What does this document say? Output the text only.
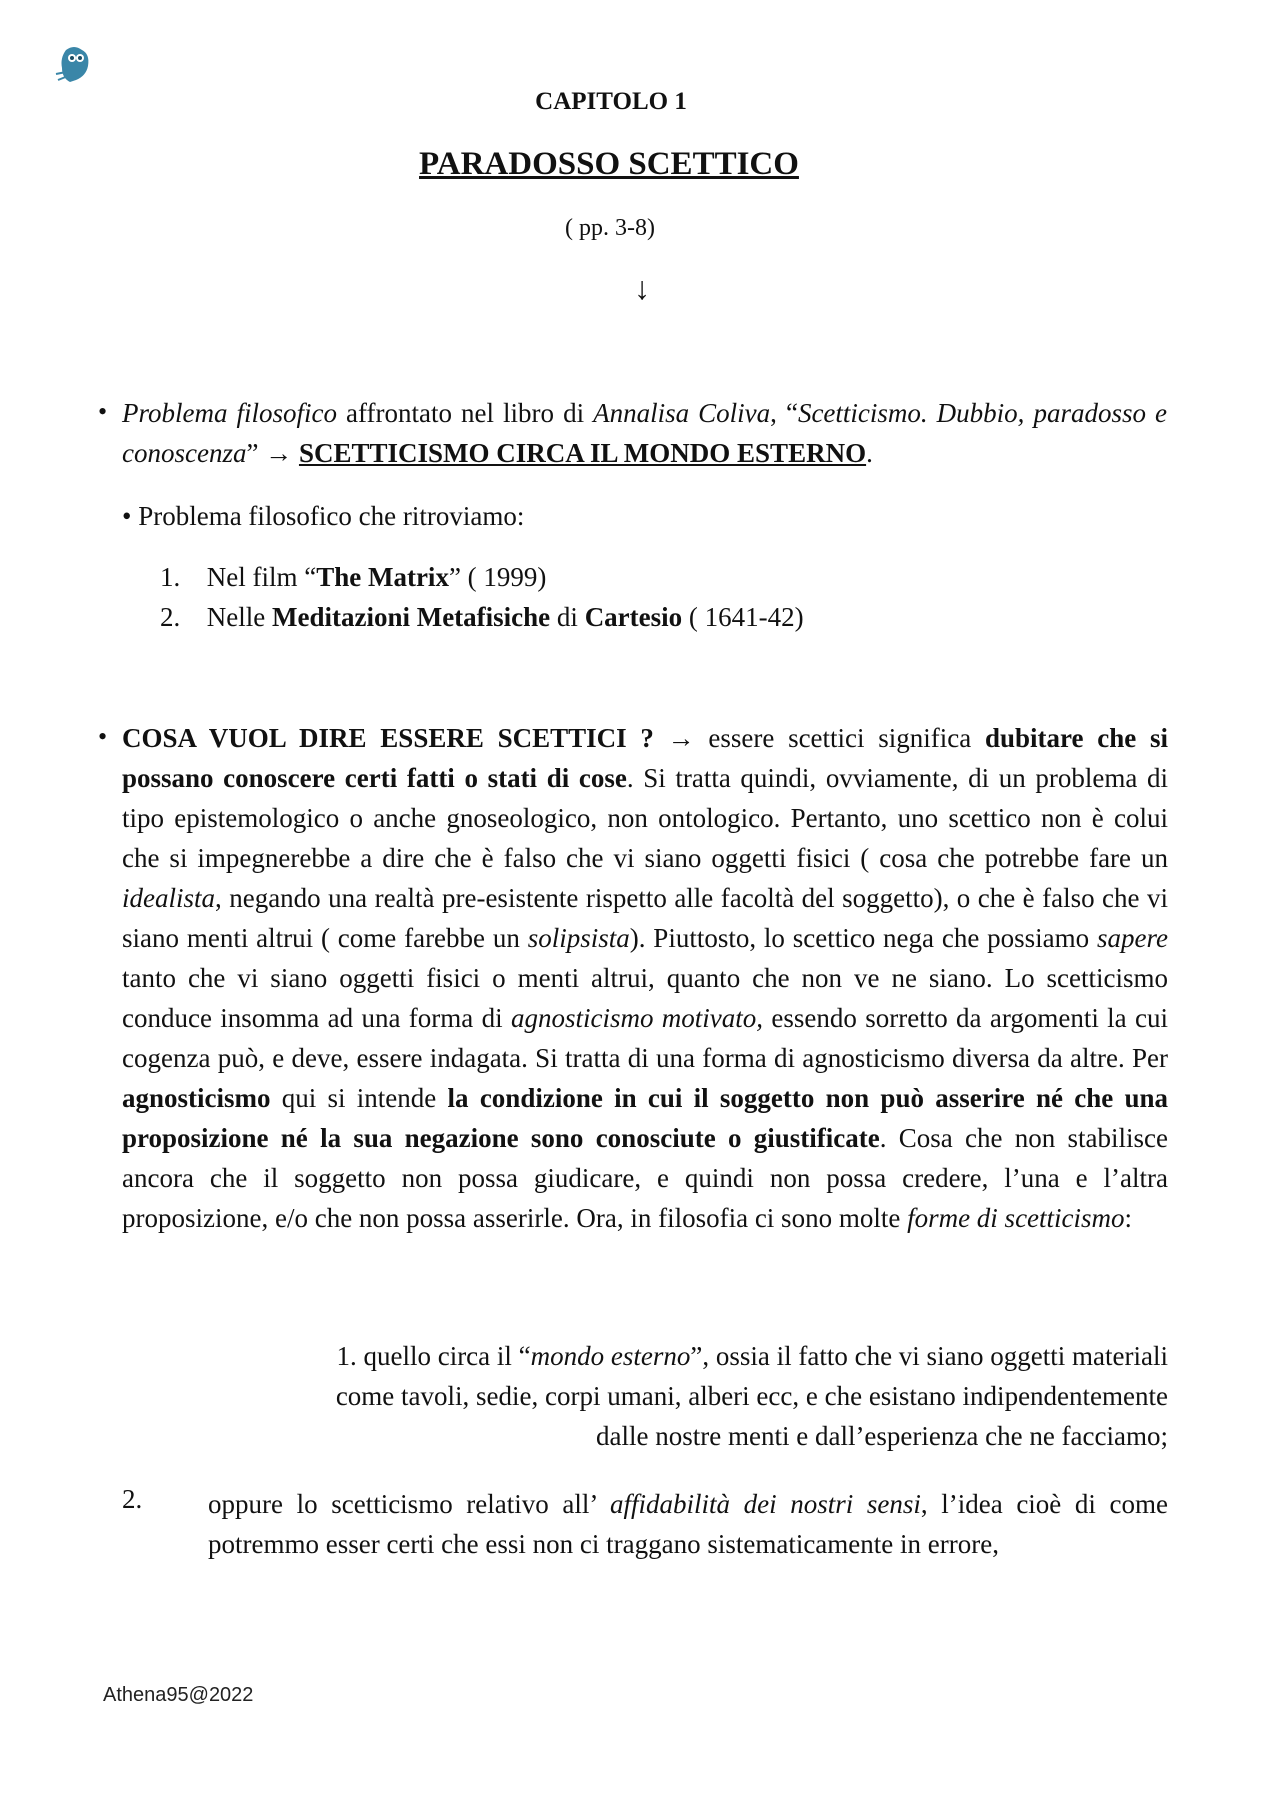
CAPITOLO 1
PARADOSSO SCETTICO
( pp. 3-8)
↓
• Problema filosofico affrontato nel libro di Annalisa Coliva, “Scetticismo. Dubbio, paradosso e conoscenza” → SCETTICISMO CIRCA IL MONDO ESTERNO.
• Problema filosofico che ritroviamo:
1. Nel film “The Matrix” ( 1999)
2. Nelle Meditazioni Metafisiche di Cartesio ( 1641-42)
• COSA VUOL DIRE ESSERE SCETTICI ? → essere scettici significa dubitare che si possano conoscere certi fatti o stati di cose. Si tratta quindi, ovviamente, di un problema di tipo epistemologico o anche gnoseologico, non ontologico. Pertanto, uno scettico non è colui che si impegnerebbe a dire che è falso che vi siano oggetti fisici ( cosa che potrebbe fare un idealista, negando una realtà pre-esistente rispetto alle facoltà del soggetto), o che è falso che vi siano menti altrui ( come farebbe un solipsista). Piuttosto, lo scettico nega che possiamo sapere tanto che vi siano oggetti fisici o menti altrui, quanto che non ve ne siano. Lo scetticismo conduce insomma ad una forma di agnosticismo motivato, essendo sorretto da argomenti la cui cogenza può, e deve, essere indagata. Si tratta di una forma di agnosticismo diversa da altre. Per agnosticismo qui si intende la condizione in cui il soggetto non può asserire né che una proposizione né la sua negazione sono conosciute o giustificate. Cosa che non stabilisce ancora che il soggetto non possa giudicare, e quindi non possa credere, l’una e l’altra proposizione, e/o che non possa asserirle. Ora, in filosofia ci sono molte forme di scetticismo:
1. quello circa il “mondo esterno”, ossia il fatto che vi siano oggetti materiali
come tavoli, sedie, corpi umani, alberi ecc, e che esistano indipendentemente
dalle nostre menti e dall’esperienza che ne facciamo;
2. oppure lo scetticismo relativo all’ affidabilità dei nostri sensi, l’idea cioè di come potremmo esser certi che essi non ci traggano sistematicamente in errore,
Athena95@2022
